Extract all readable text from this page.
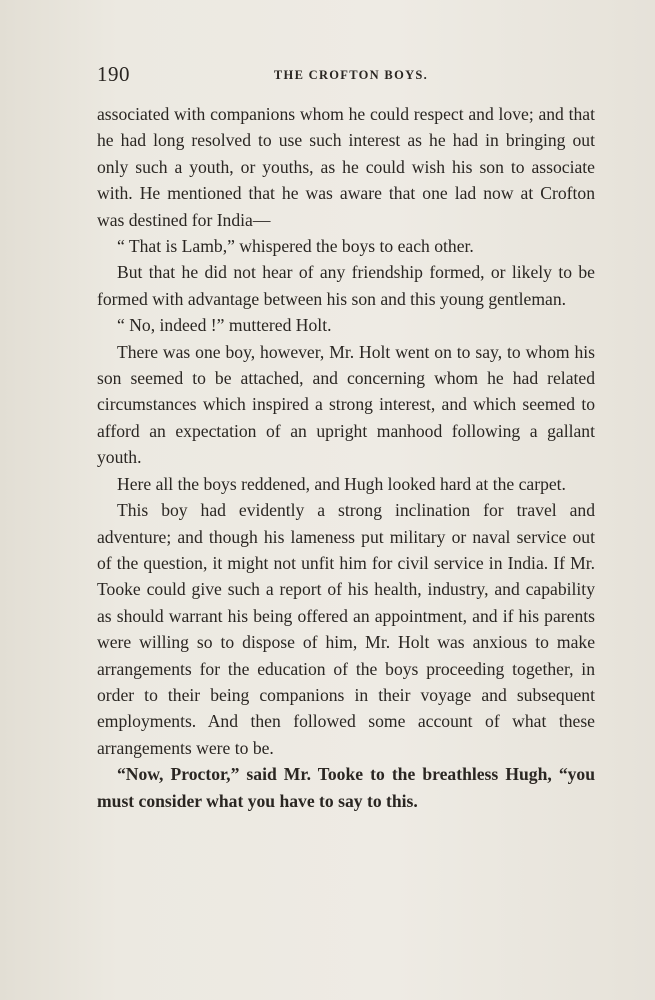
190	THE CROFTON BOYS.

associated with companions whom he could respect and love; and that he had long resolved to use such interest as he had in bringing out only such a youth, or youths, as he could wish his son to associate with. He mentioned that he was aware that one lad now at Crofton was destined for India—

“ That is Lamb,” whispered the boys to each other.

But that he did not hear of any friendship formed, or likely to be formed with advantage between his son and this young gentleman.

“ No, indeed !” muttered Holt.

There was one boy, however, Mr. Holt went on to say, to whom his son seemed to be attached, and concerning whom he had related circumstances which inspired a strong interest, and which seemed to afford an expectation of an upright manhood following a gallant youth.

Here all the boys reddened, and Hugh looked hard at the carpet.

This boy had evidently a strong inclination for travel and adventure; and though his lameness put military or naval service out of the question, it might not unfit him for civil service in India. If Mr. Tooke could give such a report of his health, industry, and capability as should warrant his being offered an appointment, and if his parents were willing so to dispose of him, Mr. Holt was anxious to make arrangements for the education of the boys proceeding together, in order to their being companions in their voyage and subsequent employments. And then followed some account of what these arrangements were to be.

“Now, Proctor,” said Mr. Tooke to the breathless Hugh, “you must consider what you have to say to this.
